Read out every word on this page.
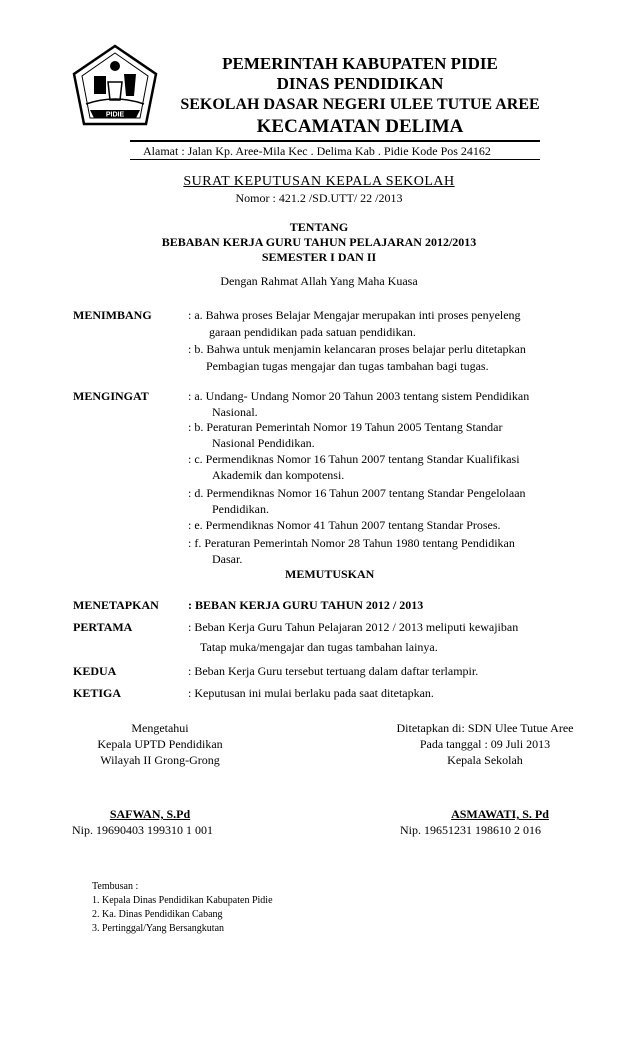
PIDIE
PEMERINTAH KABUPATEN PIDIE
DINAS PENDIDIKAN
SEKOLAH DASAR NEGERI ULEE TUTUE AREE
KECAMATAN DELIMA
Alamat : Jalan Kp. Aree-Mila Kec . Delima Kab . Pidie Kode Pos 24162
SURAT KEPUTUSAN KEPALA SEKOLAH
Nomor : 421.2 /SD.UTT/ 22 /2013
TENTANG
BEBABAN KERJA GURU TAHUN PELAJARAN 2012/2013
SEMESTER I DAN II
Dengan Rahmat Allah Yang Maha Kuasa
MENIMBANG	: a. Bahwa proses Belajar Mengajar merupakan inti proses penyeleng
garaan pendidikan pada satuan pendidikan.
: b. Bahwa untuk menjamin kelancaran proses belajar perlu ditetapkan
Pembagian tugas mengajar dan tugas tambahan bagi tugas.
MENGINGAT	: a. Undang- Undang Nomor 20 Tahun 2003 tentang sistem Pendidikan
Nasional.
: b. Peraturan Pemerintah Nomor 19 Tahun 2005 Tentang Standar
Nasional Pendidikan.
: c. Permendiknas Nomor 16 Tahun 2007 tentang Standar Kualifikasi
Akademik dan kompotensi.
: d. Permendiknas Nomor 16 Tahun 2007 tentang Standar Pengelolaan
Pendidikan.
: e. Permendiknas Nomor 41 Tahun 2007 tentang Standar Proses.
: f. Peraturan Pemerintah Nomor 28 Tahun 1980 tentang Pendidikan
Dasar.
MEMUTUSKAN
MENETAPKAN : BEBAN KERJA GURU TAHUN 2012 / 2013
PERTAMA	: Beban Kerja Guru Tahun Pelajaran 2012 / 2013 meliputi kewajiban
Tatap muka/mengajar dan tugas tambahan lainya.
KEDUA	: Beban Kerja Guru tersebut tertuang dalam daftar terlampir.
KETIGA	: Keputusan ini mulai berlaku pada saat ditetapkan.
Mengetahui
Kepala UPTD Pendidikan
Wilayah II Grong-Grong
Ditetapkan di: SDN Ulee Tutue Aree
Pada tanggal : 09 Juli 2013
Kepala Sekolah
SAFWAN, S.Pd
Nip. 19690403 199310 1 001
ASMAWATI, S. Pd
Nip. 19651231 198610 2 016
Tembusan :
1. Kepala Dinas Pendidikan Kabupaten Pidie
2. Ka. Dinas Pendidikan Cabang
3. Pertinggal/Yang Bersangkutan
